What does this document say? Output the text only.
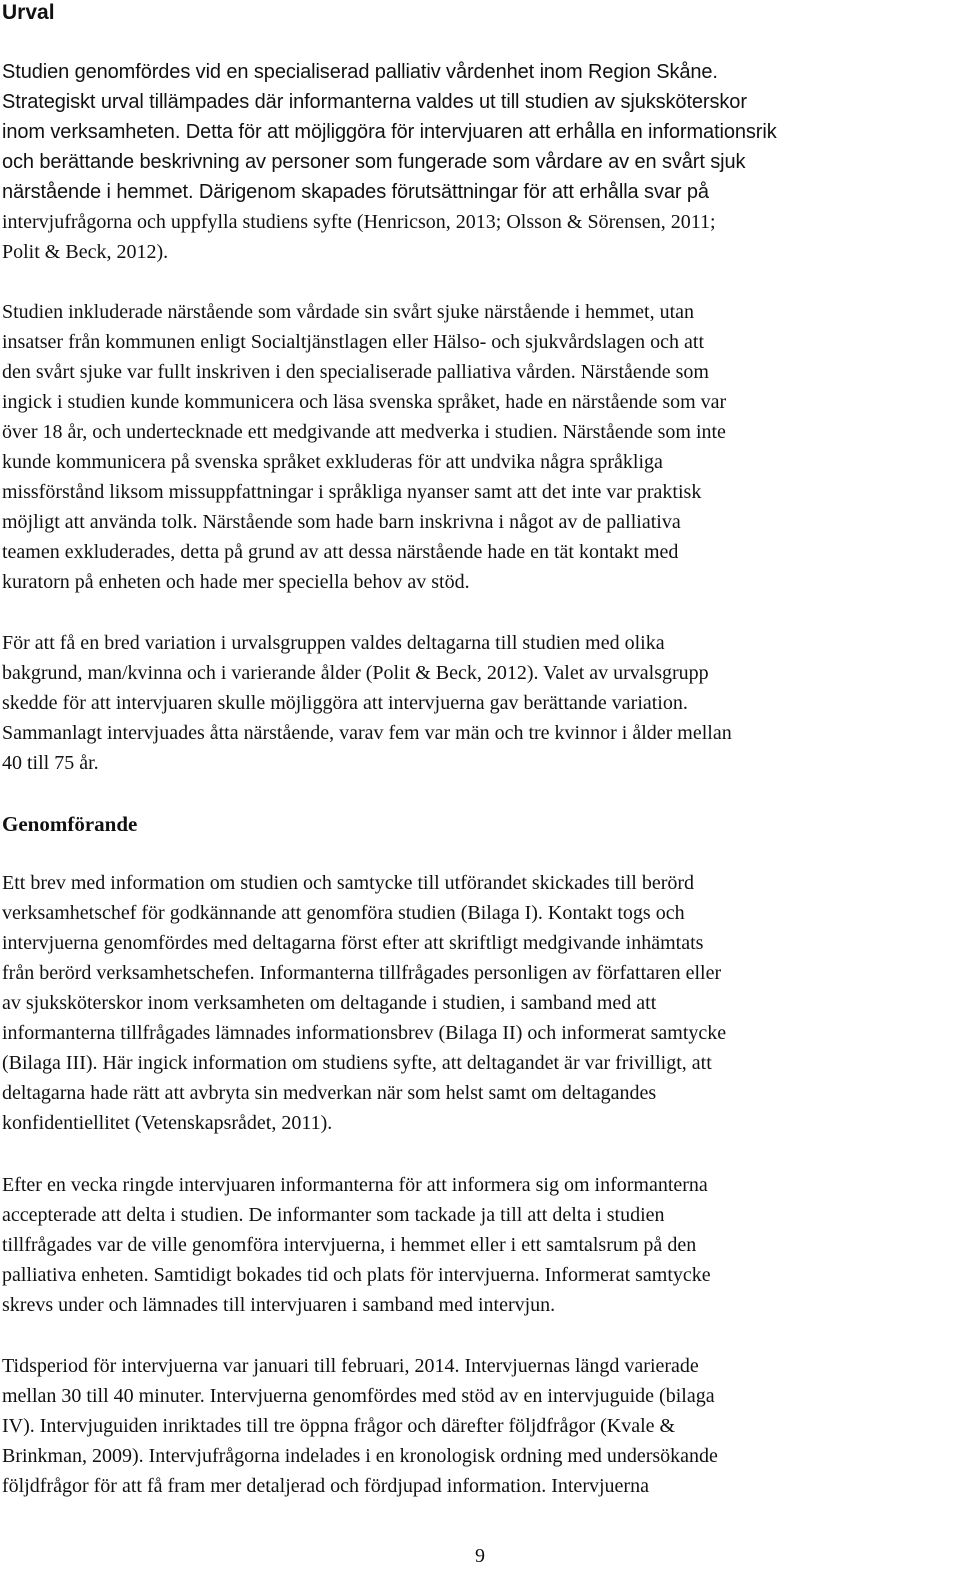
Urval
Studien genomfördes vid en specialiserad palliativ vårdenhet inom Region Skåne.
Strategiskt urval tillämpades där informanterna valdes ut till studien av sjuksköterskor
inom verksamheten. Detta för att möjliggöra för intervjuaren att erhålla en informationsrik
och berättande beskrivning av personer som fungerade som vårdare av en svårt sjuk
närstående i hemmet. Därigenom skapades förutsättningar för att erhålla svar på
intervjufrågorna och uppfylla studiens syfte (Henricson, 2013; Olsson & Sörensen, 2011;
Polit & Beck, 2012).
Studien inkluderade närstående som vårdade sin svårt sjuke närstående i hemmet, utan
insatser från kommunen enligt Socialtjänstlagen eller Hälso- och sjukvårdslagen och att
den svårt sjuke var fullt inskriven i den specialiserade palliativa vården. Närstående som
ingick i studien kunde kommunicera och läsa svenska språket, hade en närstående som var
över 18 år, och undertecknade ett medgivande att medverka i studien. Närstående som inte
kunde kommunicera på svenska språket exkluderas för att undvika några språkliga
missförstånd liksom missuppfattningar i språkliga nyanser samt att det inte var praktisk
möjligt att använda tolk. Närstående som hade barn inskrivna i något av de palliativa
teamen exkluderades, detta på grund av att dessa närstående hade en tät kontakt med
kuratorn på enheten och hade mer speciella behov av stöd.
För att få en bred variation i urvalsgruppen valdes deltagarna till studien med olika
bakgrund, man/kvinna och i varierande ålder (Polit & Beck, 2012). Valet av urvalsgrupp
skedde för att intervjuaren skulle möjliggöra att intervjuerna gav berättande variation.
Sammanlagt intervjuades åtta närstående, varav fem var män och tre kvinnor i ålder mellan
40 till 75 år.
Genomförande
Ett brev med information om studien och samtycke till utförandet skickades till berörd
verksamhetschef för godkännande att genomföra studien (Bilaga I). Kontakt togs och
intervjuerna genomfördes med deltagarna först efter att skriftligt medgivande inhämtats
från berörd verksamhetschefen. Informanterna tillfrågades personligen av författaren eller
av sjuksköterskor inom verksamheten om deltagande i studien, i samband med att
informanterna tillfrågades lämnades informationsbrev (Bilaga II) och informerat samtycke
(Bilaga III). Här ingick information om studiens syfte, att deltagandet är var frivilligt, att
deltagarna hade rätt att avbryta sin medverkan när som helst samt om deltagandes
konfidentiellitet (Vetenskapsrådet, 2011).
Efter en vecka ringde intervjuaren informanterna för att informera sig om informanterna
accepterade att delta i studien. De informanter som tackade ja till att delta i studien
tillfrågades var de ville genomföra intervjuerna, i hemmet eller i ett samtalsrum på den
palliativa enheten. Samtidigt bokades tid och plats för intervjuerna. Informerat samtycke
skrevs under och lämnades till intervjuaren i samband med intervjun.
Tidsperiod för intervjuerna var januari till februari, 2014. Intervjuernas längd varierade
mellan 30 till 40 minuter. Intervjuerna genomfördes med stöd av en intervjuguide (bilaga
IV). Intervjuguiden inriktades till tre öppna frågor och därefter följdfrågor (Kvale &
Brinkman, 2009). Intervjufrågorna indelades i en kronologisk ordning med undersökande
följdfrågor för att få fram mer detaljerad och fördjupad information. Intervjuerna
9
